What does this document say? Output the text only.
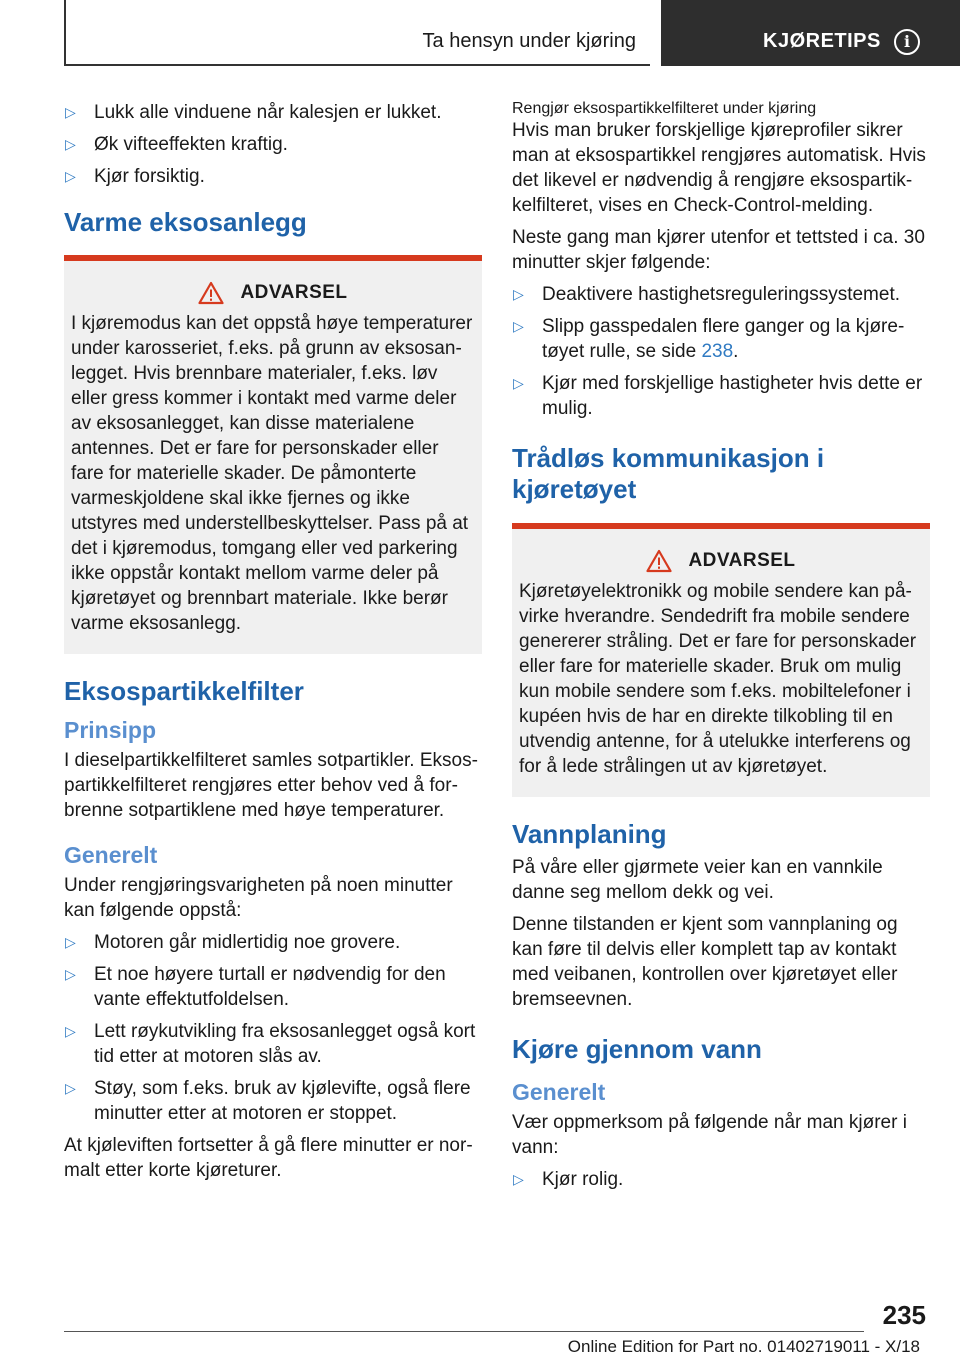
Ta hensyn under kjøring	KJØRETIPS	i
▷ Lukk alle vinduene når kalesjen er lukket.
▷ Øk vifteeffekten kraftig.
▷ Kjør forsiktig.
Varme eksosanlegg
ADVARSEL

I kjøremodus kan det oppstå høye temperaturer under karosseriet, f.eks. på grunn av eksosanlegget. Hvis brennbare materialer, f.eks. løv eller gress kommer i kontakt med varme deler av eksosanlegget, kan disse materialene antennes. Det er fare for personskader eller fare for materielle skader. De påmonterte varmeskjoldene skal ikke fjernes og ikke utstyres med understellbeskyttelser. Pass på at det i kjøremodus, tomgang eller ved parkering ikke oppstår kontakt mellom varme deler på kjøretøyet og brennbart materiale. Ikke berør varme eksosanlegg.

Eksospartikkelfilter
Prinsipp

I dieselpartikkelfilteret samles sotpartikler. Eksospartikkelfilteret rengjøres etter behov ved å forbrenne sotpartiklene med høye temperaturer.

Generelt

Under rengjøringsvarigheten på noen minutter kan følgende oppstå:

▷ Motoren går midlertidig noe grovere.
▷ Et noe høyere turtall er nødvendig for den vante effektutfoldelsen.
▷ Lett røykutvikling fra eksosanlegget også kort tid etter at motoren slås av.
▷ Støy, som f.eks. bruk av kjølevifte, også flere minutter etter at motoren er stoppet.

At kjøleviften fortsetter å gå flere minutter er normalt etter korte kjøreturer.

Rengjør eksospartikkelfilteret under kjøring

Hvis man bruker forskjellige kjøreprofiler sikrer man at eksospartikkel rengjøres automatisk. Hvis det likevel er nødvendig å rengjøre eksospartikkelfilteret, vises en Check-Control-melding.

Neste gang man kjører utenfor et tettsted i ca. 30 minutter skjer følgende:

▷ Deaktivere hastighetsreguleringssystemet.
▷ Slipp gasspedalen flere ganger og la kjøretøyet rulle, se side 238.
▷ Kjør med forskjellige hastigheter hvis dette er mulig.
Trådløs kommunikasjon i kjøretøyet
ADVARSEL

Kjøretøyelektronikk og mobile sendere kan påvirke hverandre. Sendedrift fra mobile sendere genererer stråling. Det er fare for personskader eller fare for materielle skader. Bruk om mulig kun mobile sendere som f.eks. mobiltelefoner i kupéen hvis de har en direkte tilkobling til en utvendig antenne, for å utelukke interferens og for å lede strålingen ut av kjøretøyet.

Vannplaning

På våre eller gjørmete veier kan en vannkile danne seg mellom dekk og vei.

Denne tilstanden er kjent som vannplaning og kan føre til delvis eller komplett tap av kontakt med veibanen, kontrollen over kjøretøyet eller bremseevnen.

Kjøre gjennom vann
Generelt

Vær oppmerksom på følgende når man kjører i vann:

▷ Kjør rolig.
235
Online Edition for Part no. 01402719011 - X/18
